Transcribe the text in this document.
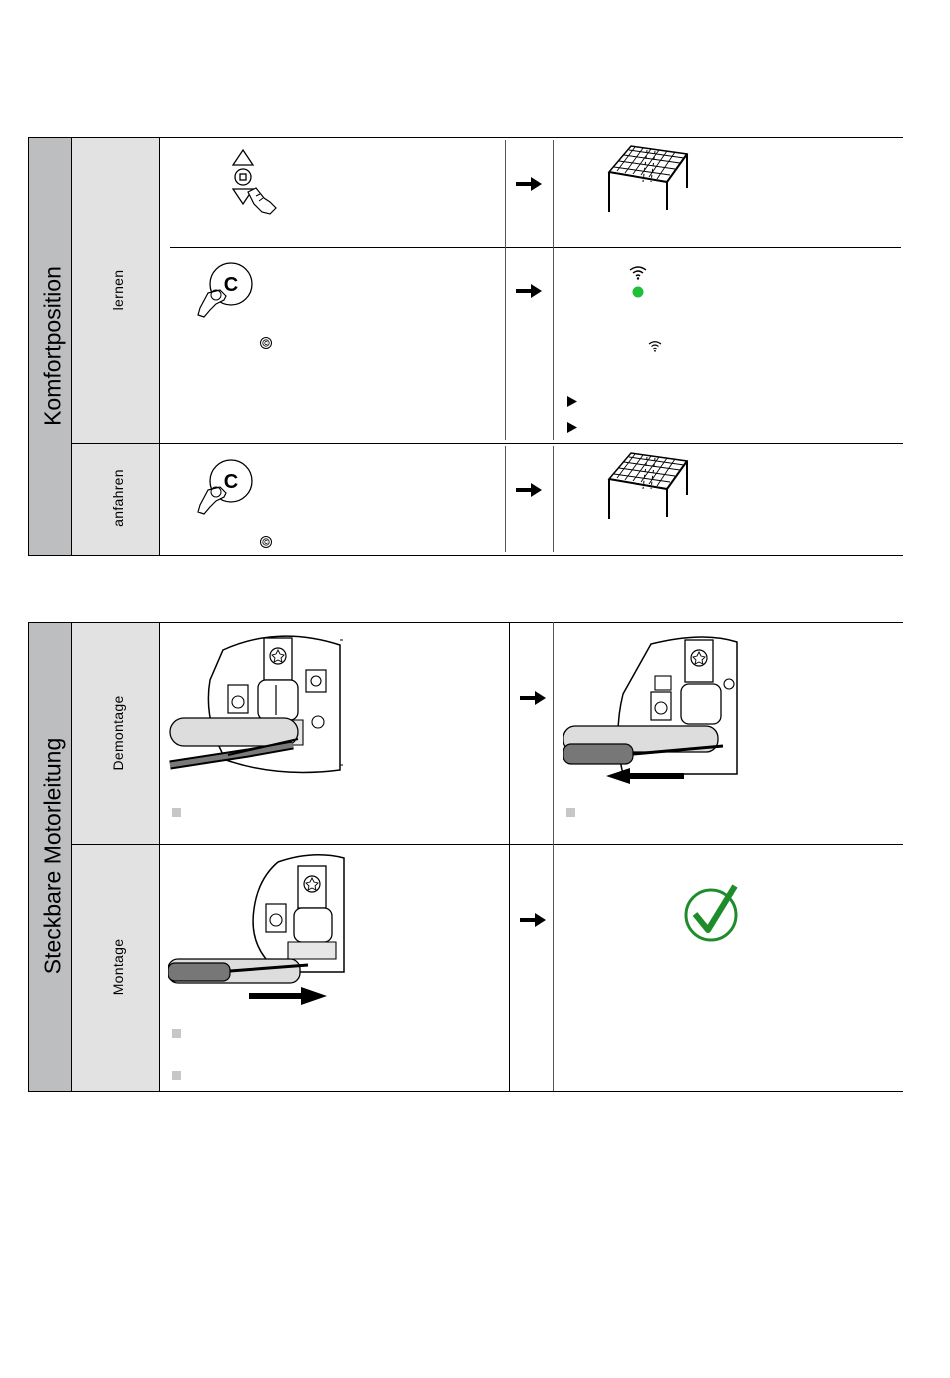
Komfortposition	lernen
anfahren
C
C
C
C
Steckbare Motorleitung
Demontage
Montage
